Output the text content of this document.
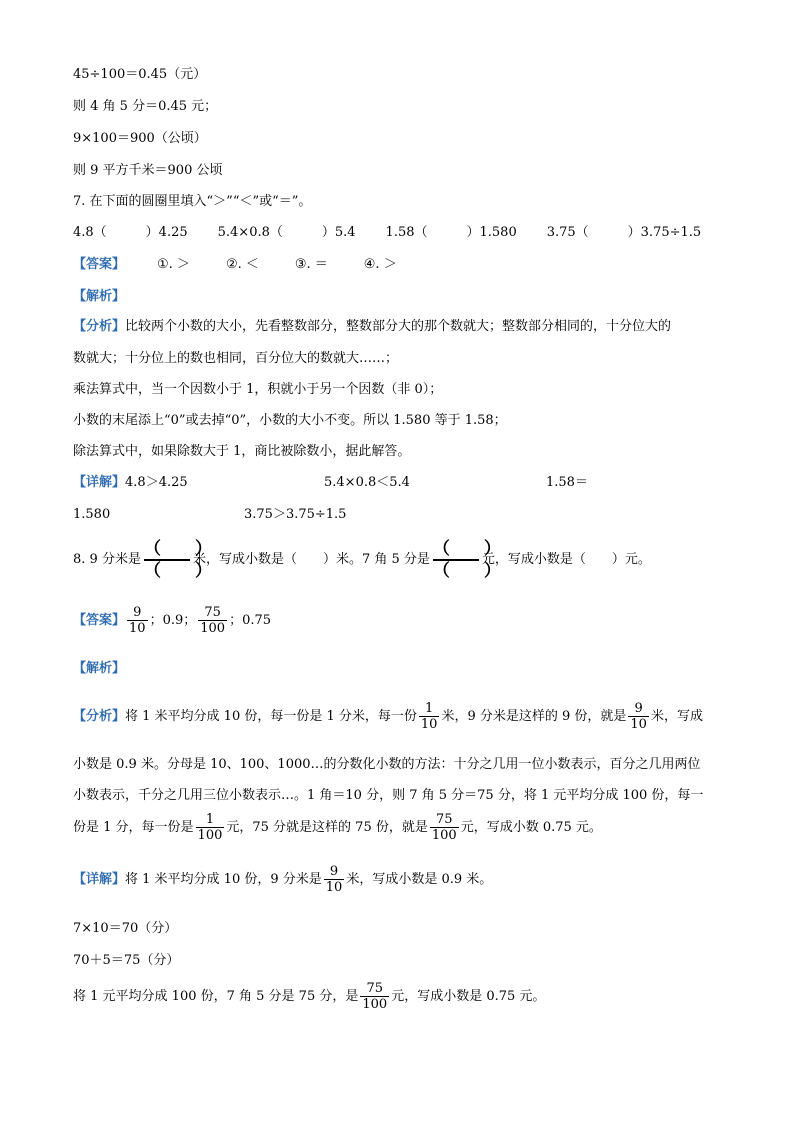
45÷100＝0.45（元）
则 4 角 5 分＝0.45 元；
9×100＝900（公顷）
则 9 平方千米＝900 公顷
7. 在下面的圆圈里填入“＞”“＜”或“＝”。
4.8（　　　）4.25 5.4×0.8（　　　）5.4 1.58（　　　）1.580 3.75（　　　）3.75÷1.5
【答案】 ①. ＞	②. ＜	③. ＝	④. ＞
【解析】
【分析】比较两个小数的大小，先看整数部分，整数部分大的那个数就大；整数部分相同的，十分位大的
数就大；十分位上的数也相同，百分位大的数就大……；
乘法算式中，当一个因数小于 1，积就小于另一个因数（非 0）；
小数的末尾添上“0”或去掉“0”，小数的大小不变。所以 1.580 等于 1.58；
除法算式中，如果除数大于 1，商比被除数小，据此解答。
【详解】4.8＞4.25	5.4×0.8＜5.4	1.58＝
1.580	3.75＞3.75÷1.5
8. 9 分米是 $\frac{( )}{( )}$ 米，写成小数是（　　）米。7 角 5 分是 $\frac{( )}{( )}$ 元，写成小数是（　　）元。
【答案】 $\frac{9}{10}$ ；0.9； $\frac{75}{100}$ ；0.75
【解析】
【分析】将 1 米平均分成 10 份，每一份是 1 分米，每一份 $\frac{1}{10}$ 米，9 分米是这样的 9 份，就是 $\frac{9}{10}$ 米，写成
小数是 0.9 米。分母是 10、100、1000…的分数化小数的方法：十分之几用一位小数表示，百分之几用两位
小数表示，千分之几用三位小数表示…。1 角＝10 分，则 7 角 5 分＝75 分，将 1 元平均分成 100 份，每一
份是 1 分，每一份是 $\frac{1}{100}$ 元，75 分就是这样的 75 份，就是 $\frac{75}{100}$ 元，写成小数 0.75 元。
【详解】将 1 米平均分成 10 份，9 分米是 $\frac{9}{10}$ 米，写成小数是 0.9 米。
7×10＝70（分）
70＋5＝75（分）
将 1 元平均分成 100 份，7 角 5 分是 75 分，是 $\frac{75}{100}$ 元，写成小数是 0.75 元。
